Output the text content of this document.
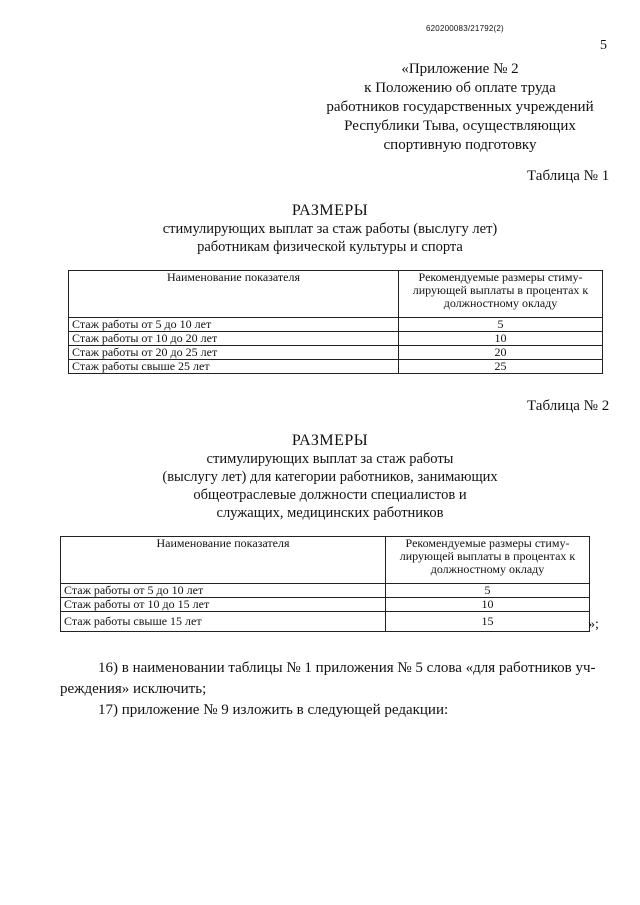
620200083/21792(2)
5
«Приложение № 2
к Положению об оплате труда
работников государственных учреждений
Республики Тыва, осуществляющих
спортивную подготовку
Таблица № 1
РАЗМЕРЫ
стимулирующих выплат за стаж работы (выслугу лет)
работникам физической культуры и спорта
Наименование показателя	Рекомендуемые размеры стиму-
лирующей выплаты в процентах к
должностному окладу

Стаж работы от 5 до 10 лет	5
Стаж работы от 10 до 20 лет	10
Стаж работы от 20 до 25 лет	20
Стаж работы свыше 25 лет	25
Таблица № 2
РАЗМЕРЫ
стимулирующих выплат за стаж работы
(выслугу лет) для категории работников, занимающих
общеотраслевые должности специалистов и
служащих, медицинских работников
Наименование показателя	Рекомендуемые размеры стиму-
лирующей выплаты в процентах к
должностному окладу

Стаж работы от 5 до 10 лет	5
Стаж работы от 10 до 15 лет	10
Стаж работы свыше 15 лет	15	»;
16) в наименовании таблицы № 1 приложения № 5 слова «для работников уч-
реждения» исключить;
17) приложение № 9 изложить в следующей редакции:
